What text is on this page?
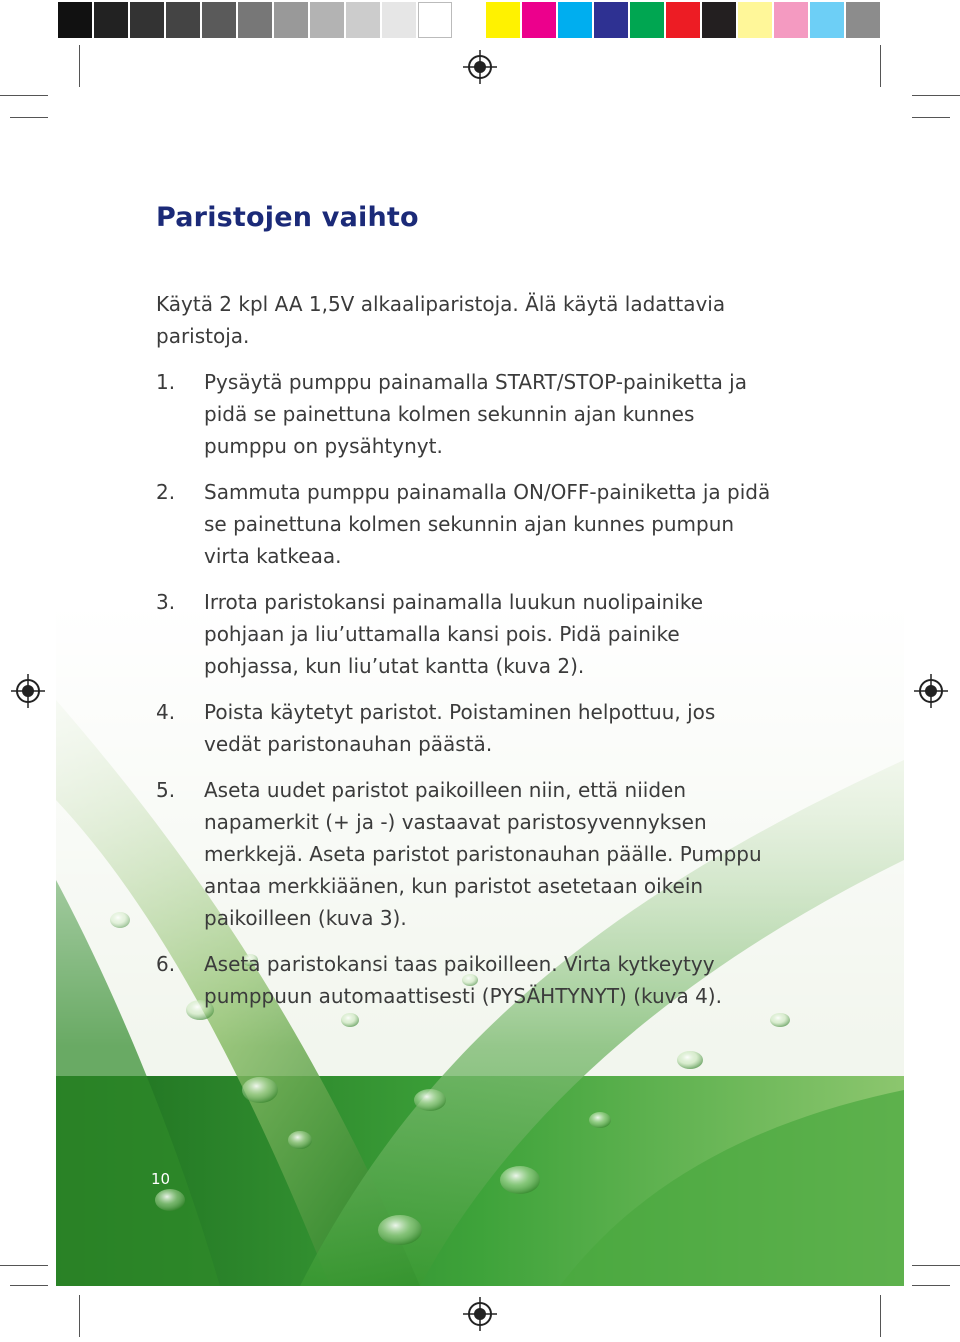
Paristojen vaihto

Käytä 2 kpl AA 1,5V alkaaliparistoja. Älä käytä ladattavia paristoja.

1. Pysäytä pumppu painamalla START/STOP-painiketta ja pidä se painettuna kolmen sekunnin ajan kunnes pumppu on pysähtynyt.
2. Sammuta pumppu painamalla ON/OFF-painiketta ja pidä se painettuna kolmen sekunnin ajan kunnes pumpun virta katkeaa.
3. Irrota paristokansi painamalla luukun nuolipainike pohjaan ja liu’uttamalla kansi pois. Pidä painike pohjassa, kun liu’utat kantta (kuva 2).
4. Poista käytetyt paristot. Poistaminen helpottuu, jos vedät paristonauhan päästä.
5. Aseta uudet paristot paikoilleen niin, että niiden napamerkit (+ ja -) vastaavat paristosyvennyksen merkkejä. Aseta paristot paristonauhan päälle. Pumppu antaa merkkiäänen, kun paristot asetetaan oikein paikoilleen (kuva 3).
6. Aseta paristokansi taas paikoilleen. Virta kytkeytyy pumppuun automaattisesti (PYSÄHTYNYT) (kuva 4).
10
